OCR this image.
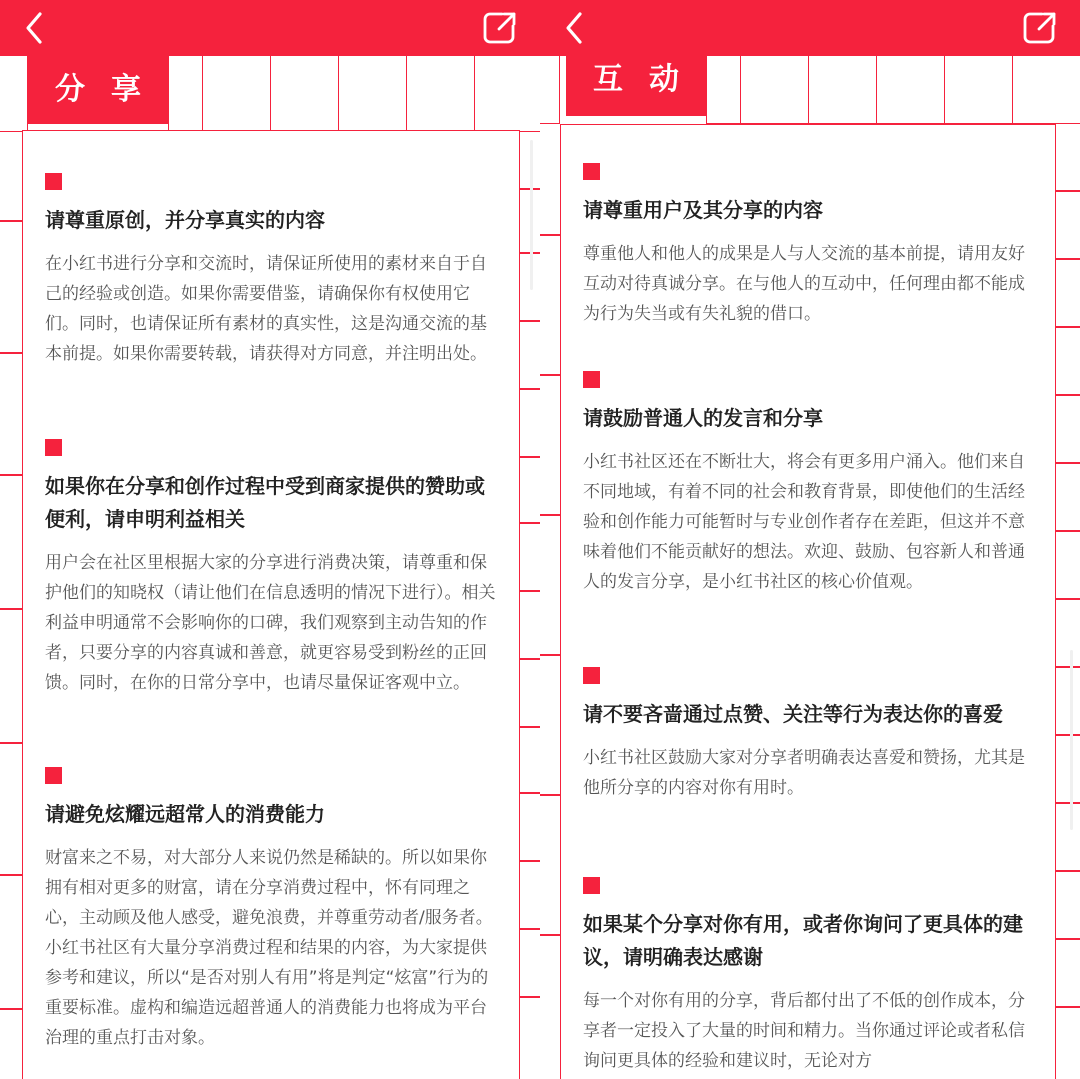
分享

请尊重原创，并分享真实的内容

在小红书进行分享和交流时，请保证所使用的素材来自于自己的经验或创造。如果你需要借鉴，请确保你有权使用它们。同时，也请保证所有素材的真实性，这是沟通交流的基本前提。如果你需要转载，请获得对方同意，并注明出处。

如果你在分享和创作过程中受到商家提供的赞助或便利，请申明利益相关

用户会在社区里根据大家的分享进行消费决策，请尊重和保护他们的知晓权（请让他们在信息透明的情况下进行）。相关利益申明通常不会影响你的口碑，我们观察到主动告知的作者，只要分享的内容真诚和善意，就更容易受到粉丝的正回馈。同时，在你的日常分享中，也请尽量保证客观中立。

请避免炫耀远超常人的消费能力

财富来之不易，对大部分人来说仍然是稀缺的。所以如果你拥有相对更多的财富，请在分享消费过程中，怀有同理之心，主动顾及他人感受，避免浪费，并尊重劳动者/服务者。小红书社区有大量分享消费过程和结果的内容，为大家提供参考和建议，所以“是否对别人有用”将是判定“炫富”行为的重要标准。虚构和编造远超普通人的消费能力也将成为平台治理的重点打击对象。

互动

请尊重用户及其分享的内容

尊重他人和他人的成果是人与人交流的基本前提，请用友好互动对待真诚分享。在与他人的互动中，任何理由都不能成为行为失当或有失礼貌的借口。

请鼓励普通人的发言和分享

小红书社区还在不断壮大，将会有更多用户涌入。他们来自不同地域，有着不同的社会和教育背景，即使他们的生活经验和创作能力可能暂时与专业创作者存在差距，但这并不意味着他们不能贡献好的想法。欢迎、鼓励、包容新人和普通人的发言分享，是小红书社区的核心价值观。

请不要吝啬通过点赞、关注等行为表达你的喜爱

小红书社区鼓励大家对分享者明确表达喜爱和赞扬，尤其是他所分享的内容对你有用时。

如果某个分享对你有用，或者你询问了更具体的建议，请明确表达感谢

每一个对你有用的分享，背后都付出了不低的创作成本，分享者一定投入了大量的时间和精力。当你通过评论或者私信询问更具体的经验和建议时，无论对方
